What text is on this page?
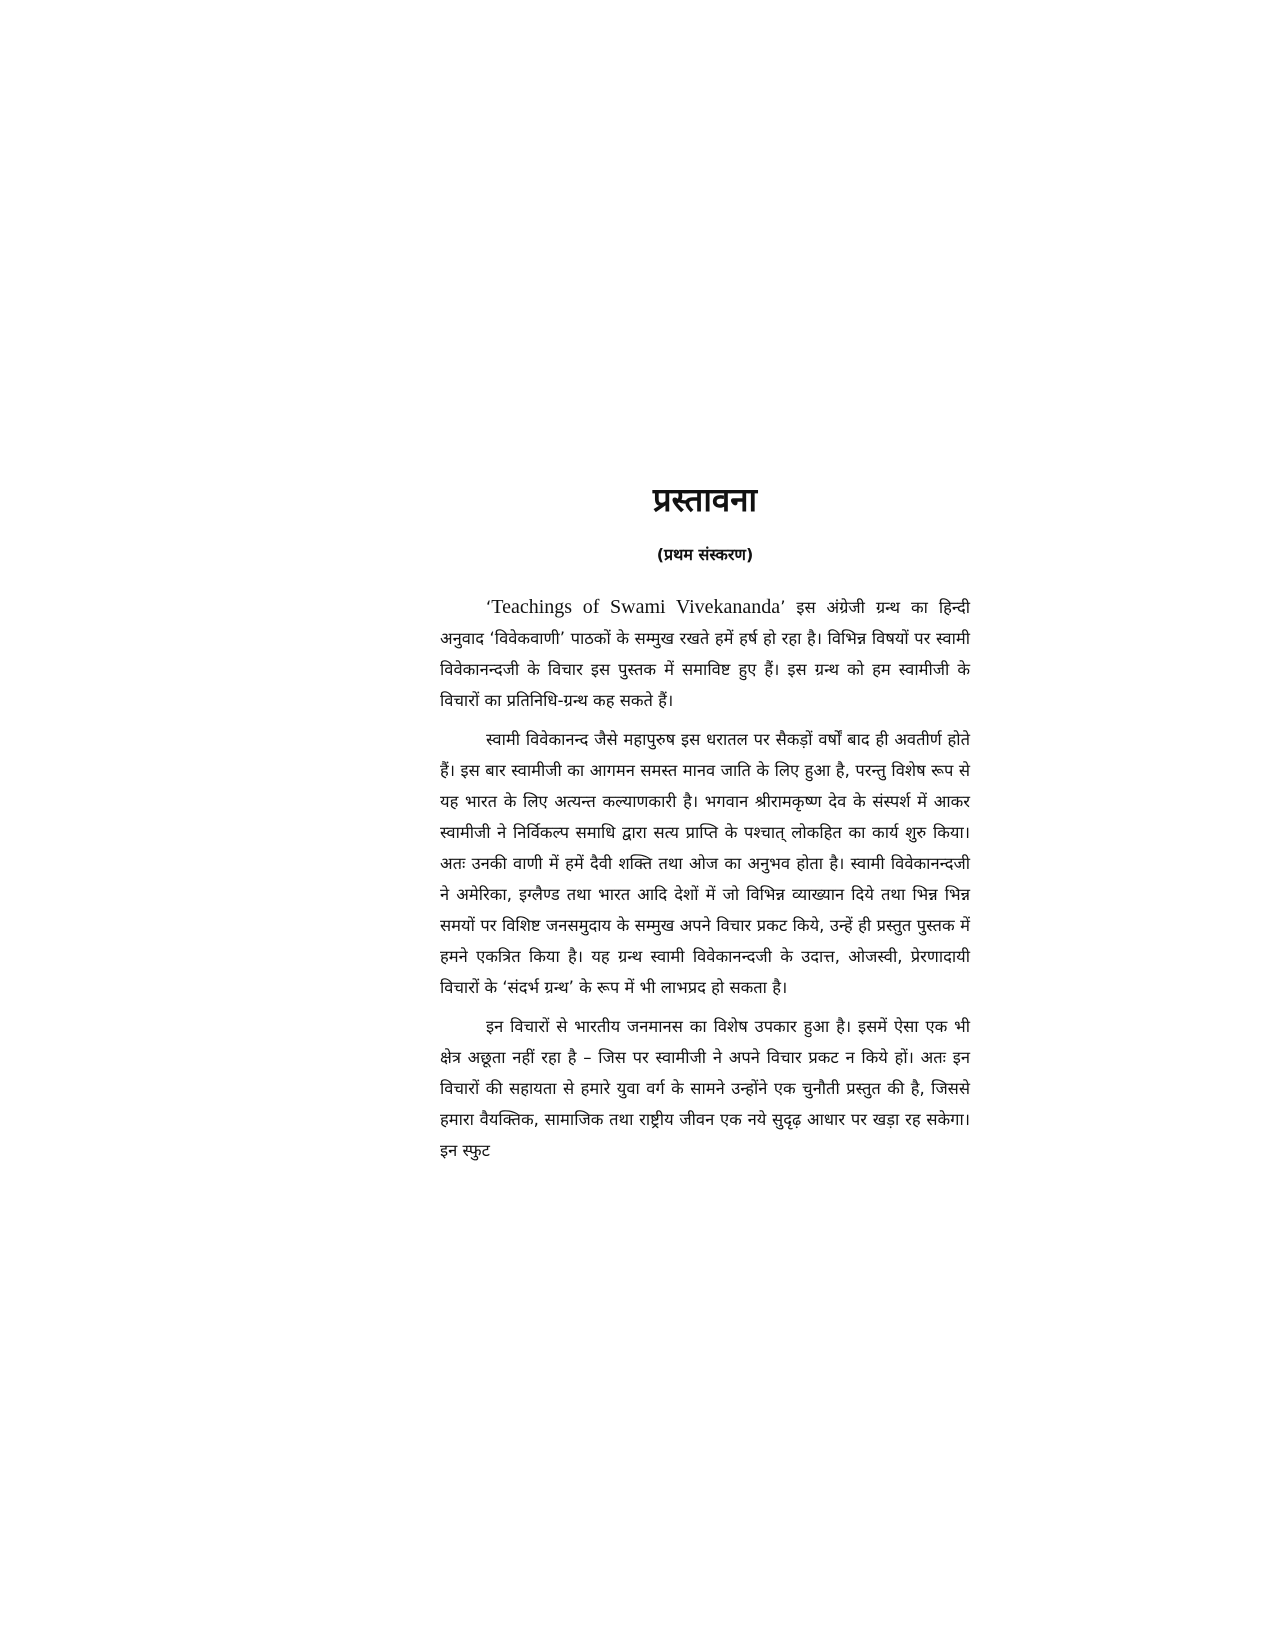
प्रस्तावना
(प्रथम संस्करण)

‘Teachings of Swami Vivekananda’ इस अंग्रेजी ग्रन्थ का हिन्दी अनुवाद ‘विवेकवाणी’ पाठकों के सम्मुख रखते हमें हर्ष हो रहा है। विभिन्न विषयों पर स्वामी विवेकानन्दजी के विचार इस पुस्तक में समाविष्ट हुए हैं। इस ग्रन्थ को हम स्वामीजी के विचारों का प्रतिनिधि-ग्रन्थ कह सकते हैं।

स्वामी विवेकानन्द जैसे महापुरुष इस धरातल पर सैकड़ों वर्षों बाद ही अवतीर्ण होते हैं। इस बार स्वामीजी का आगमन समस्त मानव जाति के लिए हुआ है, परन्तु विशेष रूप से यह भारत के लिए अत्यन्त कल्याणकारी है। भगवान श्रीरामकृष्ण देव के संस्पर्श में आकर स्वामीजी ने निर्विकल्प समाधि द्वारा सत्य प्राप्ति के पश्चात् लोकहित का कार्य शुरु किया। अतः उनकी वाणी में हमें दैवी शक्ति तथा ओज का अनुभव होता है। स्वामी विवेकानन्दजी ने अमेरिका, इग्लैण्ड तथा भारत आदि देशों में जो विभिन्न व्याख्यान दिये तथा भिन्न भिन्न समयों पर विशिष्ट जनसमुदाय के सम्मुख अपने विचार प्रकट किये, उन्हें ही प्रस्तुत पुस्तक में हमने एकत्रित किया है। यह ग्रन्थ स्वामी विवेकानन्दजी के उदात्त, ओजस्वी, प्रेरणादायी विचारों के ‘संदर्भ ग्रन्थ’ के रूप में भी लाभप्रद हो सकता है।

इन विचारों से भारतीय जनमानस का विशेष उपकार हुआ है। इसमें ऐसा एक भी क्षेत्र अछूता नहीं रहा है – जिस पर स्वामीजी ने अपने विचार प्रकट न किये हों। अतः इन विचारों की सहायता से हमारे युवा वर्ग के सामने उन्होंने एक चुनौती प्रस्तुत की है, जिससे हमारा वैयक्तिक, सामाजिक तथा राष्ट्रीय जीवन एक नये सुदृढ़ आधार पर खड़ा रह सकेगा। इन स्फुट
